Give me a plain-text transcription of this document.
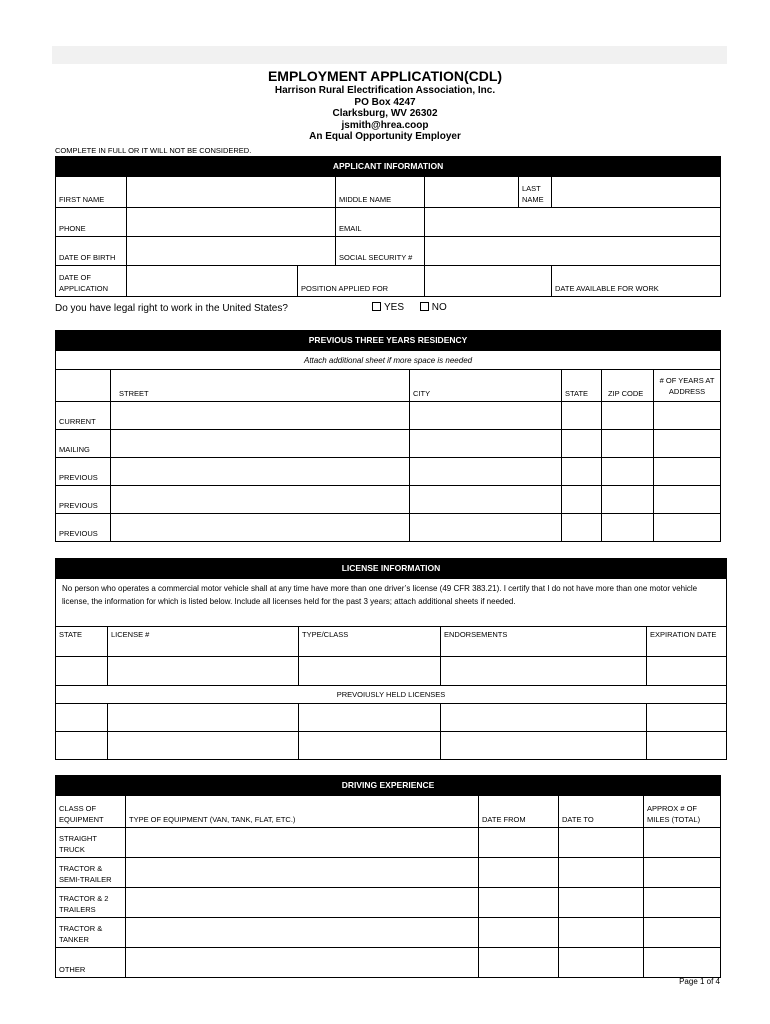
EMPLOYMENT APPLICATION(CDL)
Harrison Rural Electrification Association, Inc.
PO Box 4247
Clarksburg, WV 26302
jsmith@hrea.coop
An Equal Opportunity Employer
COMPLETE IN FULL OR IT WILL NOT BE CONSIDERED.
APPLICANT INFORMATION						
FIRST NAME			MIDDLE NAME		LAST NAME	
PHONE			EMAIL			
DATE OF BIRTH			SOCIAL SECURITY #			
DATE OF APPLICATION		POSITION APPLIED FOR				DATE AVAILABLE FOR WORK
Do you have legal right to work in the United States?	YES	NO
PREVIOUS THREE YEARS RESIDENCY					
Attach additional sheet if more space is needed					
	STREET	CITY	STATE	ZIP CODE	# OF YEARS AT ADDRESS
CURRENT					
MAILING					
PREVIOUS					
PREVIOUS					
PREVIOUS					
LICENSE INFORMATION				
No person who operates a commercial motor vehicle shall at any time have more than one driver’s license (49 CFR 383.21). I certify that I do not have more than one motor vehicle license, the information for which is listed below. Include all licenses held for the past 3 years; attach additional sheets if needed.				
STATE	LICENSE #	TYPE/CLASS	ENDORSEMENTS	EXPIRATION DATE

PREVOIUSLY HELD LICENSES				

DRIVING EXPERIENCE				
CLASS OF EQUIPMENT	TYPE OF EQUIPMENT (VAN, TANK, FLAT, ETC.)	DATE FROM	DATE TO	APPROX # OF MILES (TOTAL)
STRAIGHT TRUCK				
TRACTOR & SEMI-TRAILER				
TRACTOR & 2 TRAILERS				
TRACTOR & TANKER				
OTHER				
Page 1 of 4
